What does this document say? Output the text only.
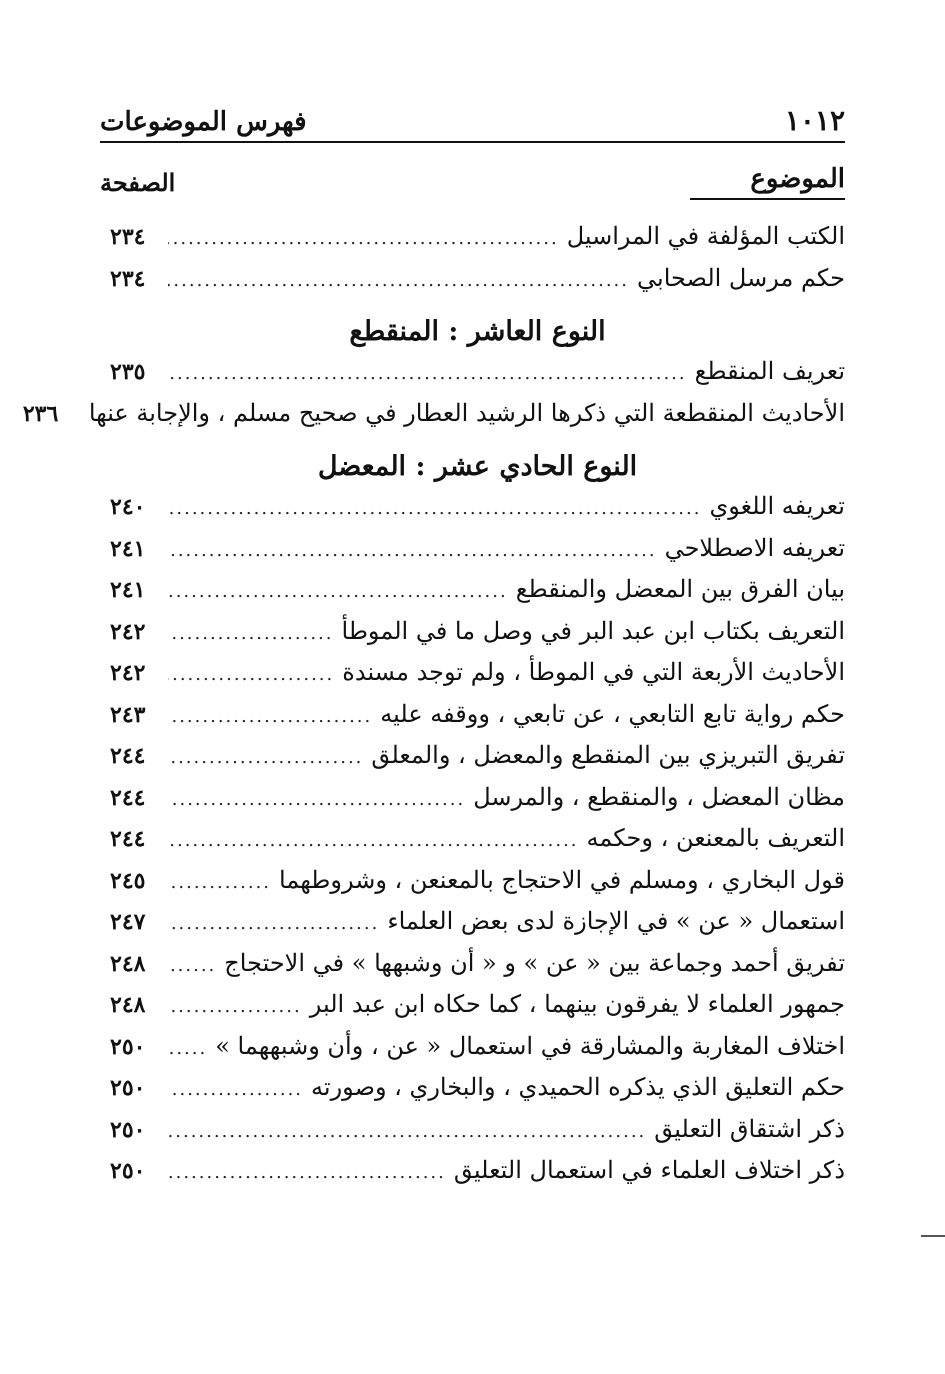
١٠١٢
فهرس الموضوعات
الموضوع
الصفحة
الكتب المؤلفة في المراسيل
.....
٢٣٤
حكم مرسل الصحابي
.....
٢٣٤
النوع العاشر : المنقطع
تعريف المنقطع
.....
٢٣٥
الأحاديث المنقطعة التي ذكرها الرشيد العطار في صحيح مسلم ، والإجابة عنها
٢٣٦
النوع الحادي عشر : المعضل
تعريفه اللغوي
.....
٢٤٠
تعريفه الاصطلاحي
.....
٢٤١
بيان الفرق بين المعضل والمنقطع
.....
٢٤١
التعريف بكتاب ابن عبد البر في وصل ما في الموطأ
.....
٢٤٢
الأحاديث الأربعة التي في الموطأ ، ولم توجد مسندة
.....
٢٤٢
حكم رواية تابع التابعي ، عن تابعي ، ووقفه عليه
.....
٢٤٣
تفريق التبريزي بين المنقطع والمعضل ، والمعلق
.....
٢٤٤
مظان المعضل ، والمنقطع ، والمرسل
.....
٢٤٤
التعريف بالمعنعن ، وحكمه
.....
٢٤٤
قول البخاري ، ومسلم في الاحتجاج بالمعنعن ، وشروطهما
.....
٢٤٥
استعمال « عن » في الإجازة لدى بعض العلماء
.....
٢٤٧
تفريق أحمد وجماعة بين « عن » و « أن وشبهها » في الاحتجاج
.....
٢٤٨
جمهور العلماء لا يفرقون بينهما ، كما حكاه ابن عبد البر
.....
٢٤٨
اختلاف المغاربة والمشارقة في استعمال « عن ، وأن وشبههما »
.....
٢٥٠
حكم التعليق الذي يذكره الحميدي ، والبخاري ، وصورته
.....
٢٥٠
ذكر اشتقاق التعليق
.....
٢٥٠
ذكر اختلاف العلماء في استعمال التعليق
.....
٢٥٠
